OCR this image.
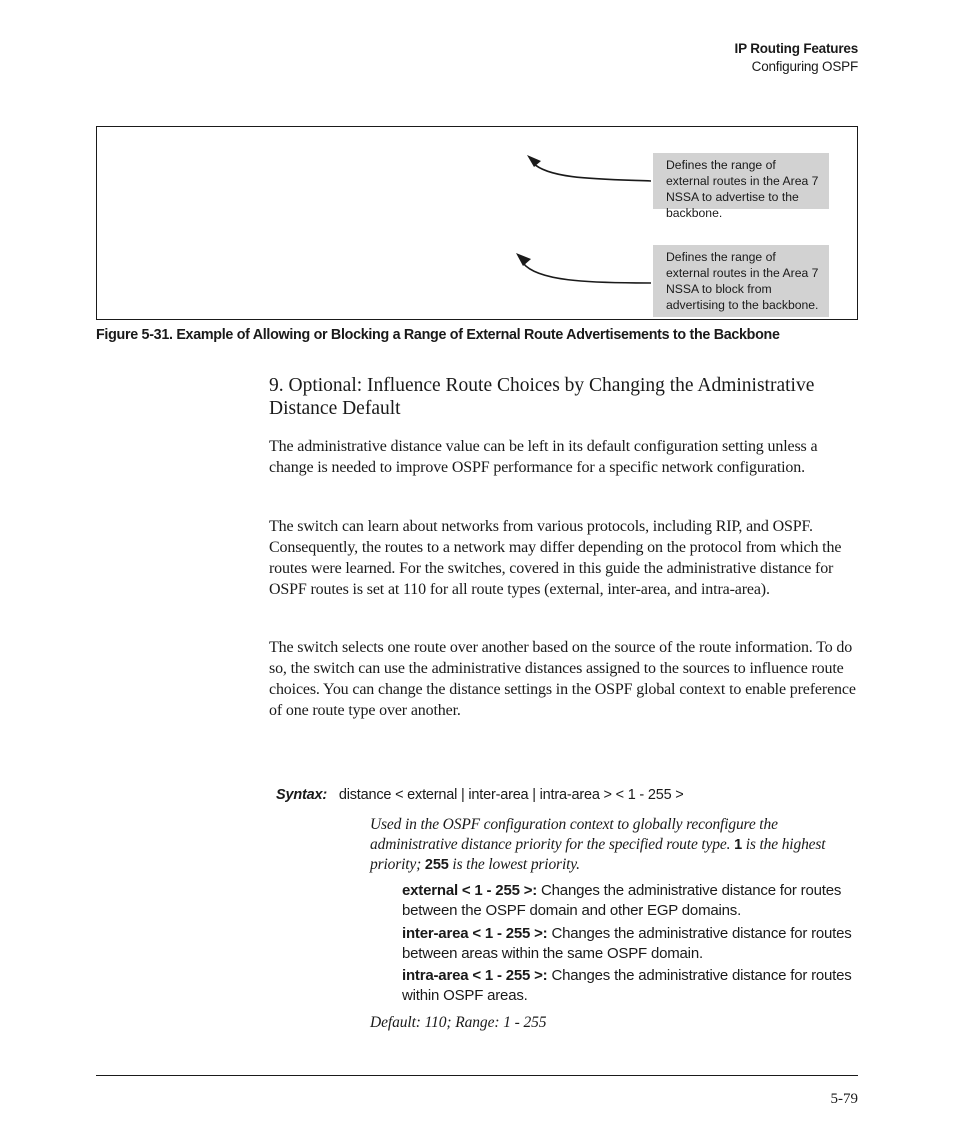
IP Routing Features
Configuring OSPF
Defines the range of external routes in the Area 7 NSSA to advertise to the backbone.
Defines the range of external routes in the Area 7 NSSA to block from advertising to the backbone.
Figure 5-31. Example of Allowing or Blocking a Range of External Route Advertisements to the Backbone
9. Optional: Influence Route Choices by Changing the Administrative Distance Default

The administrative distance value can be left in its default configuration setting unless a change is needed to improve OSPF performance for a specific network configuration.

The switch can learn about networks from various protocols, including RIP, and OSPF. Consequently, the routes to a network may differ depending on the protocol from which the routes were learned. For the switches, covered in this guide the administrative distance for OSPF routes is set at 110 for all route types (external, inter-area, and intra-area).

The switch selects one route over another based on the source of the route information. To do so, the switch can use the administrative distances assigned to the sources to influence route choices. You can change the distance settings in the OSPF global context to enable preference of one route type over another.

Syntax: distance < external | inter-area | intra-area > < 1 - 255 >
Used in the OSPF configuration context to globally reconfigure the administrative distance priority for the specified route type. 1 is the highest priority; 255 is the lowest priority.
external < 1 - 255 >: Changes the administrative distance for routes between the OSPF domain and other EGP domains.
inter-area < 1 - 255 >: Changes the administrative distance for routes between areas within the same OSPF domain.
intra-area < 1 - 255 >: Changes the administrative distance for routes within OSPF areas.
Default: 110; Range: 1 - 255
5-79
